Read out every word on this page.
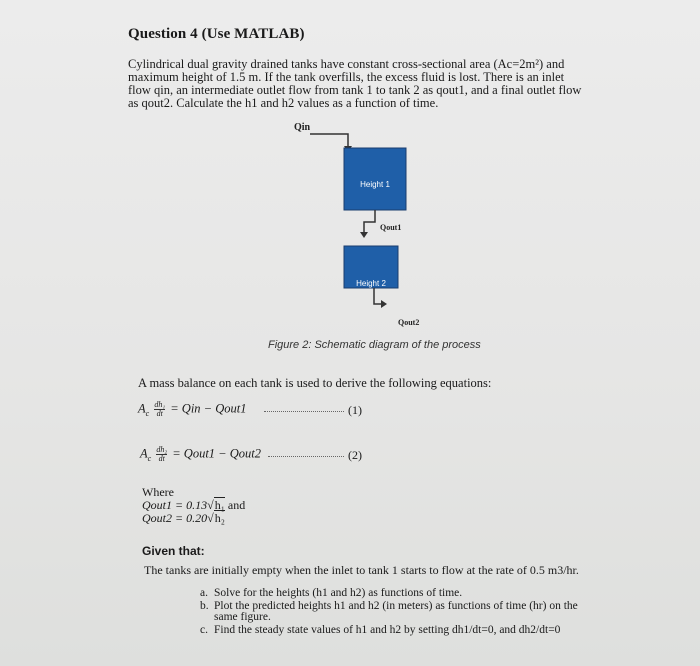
Question 4 (Use MATLAB)
Cylindrical dual gravity drained tanks have constant cross-sectional area (Ac=2m²) and maximum height of 1.5 m. If the tank overfills, the excess fluid is lost. There is an inlet flow qin, an intermediate outlet flow from tank 1 to tank 2 as qout1, and a final outlet flow as qout2. Calculate the h1 and h2 values as a function of time.
Qin
Height 1
Qout1
Height 2
Qout2
Figure 2: Schematic diagram of the process
A mass balance on each tank is used to derive the following equations:
$A_c \frac{\text{dh₁}}{dt}$ = Qin − Qout1	(1)
$A_c \frac{\text{dh₂}}{dt}$ = Qout1 − Qout2	(2)
Where
Qout1 = 0.13√h₁ and
Qout2 = 0.20√h₂
Given that:
The tanks are initially empty when the inlet to tank 1 starts to flow at the rate of 0.5 m3/hr.
a. Solve for the heights (h1 and h2) as functions of time.
b. Plot the predicted heights h1 and h2 (in meters) as functions of time (hr) on the same figure.
c. Find the steady state values of h1 and h2 by setting dh1/dt=0, and dh2/dt=0
